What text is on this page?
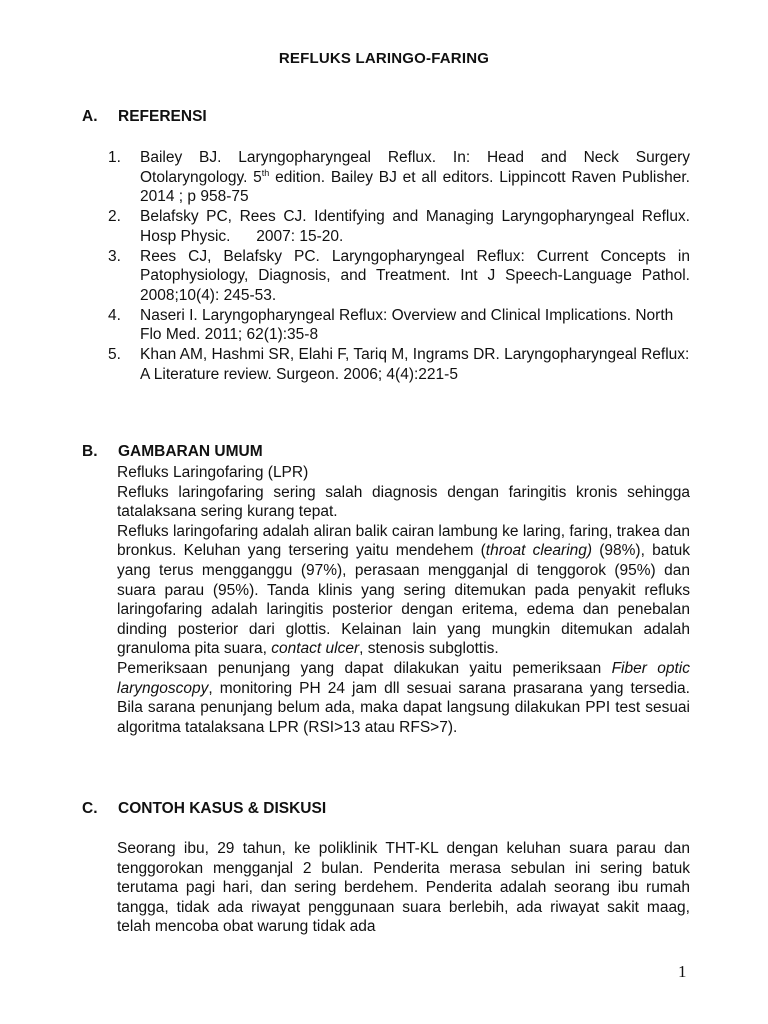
REFLUKS LARINGO-FARING
A. REFERENSI
1. Bailey BJ. Laryngopharyngeal Reflux. In: Head and Neck Surgery Otolaryngology. 5th edition. Bailey BJ et all editors. Lippincott Raven Publisher. 2014 ; p 958-75
2. Belafsky PC, Rees CJ. Identifying and Managing Laryngopharyngeal Reflux. Hosp Physic.      2007: 15-20.
3. Rees CJ, Belafsky PC. Laryngopharyngeal Reflux: Current Concepts in Patophysiology, Diagnosis, and Treatment. Int J Speech-Language Pathol. 2008;10(4): 245-53.
4. Naseri I. Laryngopharyngeal Reflux: Overview and Clinical Implications. North Flo Med. 2011; 62(1):35-8
5. Khan AM, Hashmi SR, Elahi F, Tariq M, Ingrams DR. Laryngopharyngeal Reflux: A Literature review. Surgeon. 2006; 4(4):221-5
B. GAMBARAN UMUM

Refluks Laringofaring (LPR)

Refluks laringofaring sering salah diagnosis dengan faringitis kronis sehingga tatalaksana sering kurang tepat.

Refluks laringofaring adalah aliran balik cairan lambung ke laring, faring, trakea dan bronkus. Keluhan yang tersering yaitu mendehem (throat clearing) (98%), batuk yang terus mengganggu (97%), perasaan mengganjal di tenggorok (95%) dan suara parau (95%). Tanda klinis yang sering ditemukan pada penyakit refluks laringofaring adalah laringitis posterior dengan eritema, edema dan penebalan dinding posterior dari glottis. Kelainan lain yang mungkin ditemukan adalah granuloma pita suara, contact ulcer, stenosis subglottis.

Pemeriksaan penunjang yang dapat dilakukan yaitu pemeriksaan Fiber optic laryngoscopy, monitoring PH 24 jam dll sesuai sarana prasarana yang tersedia. Bila sarana penunjang belum ada, maka dapat langsung dilakukan PPI test sesuai algoritma tatalaksana LPR (RSI>13 atau RFS>7).

C. CONTOH KASUS & DISKUSI

Seorang ibu, 29 tahun, ke poliklinik THT-KL dengan keluhan suara parau dan tenggorokan mengganjal 2 bulan. Penderita merasa sebulan ini sering batuk terutama pagi hari, dan sering berdehem. Penderita adalah seorang ibu rumah tangga, tidak ada riwayat penggunaan suara berlebih, ada riwayat sakit maag, telah mencoba obat warung tidak ada

1
